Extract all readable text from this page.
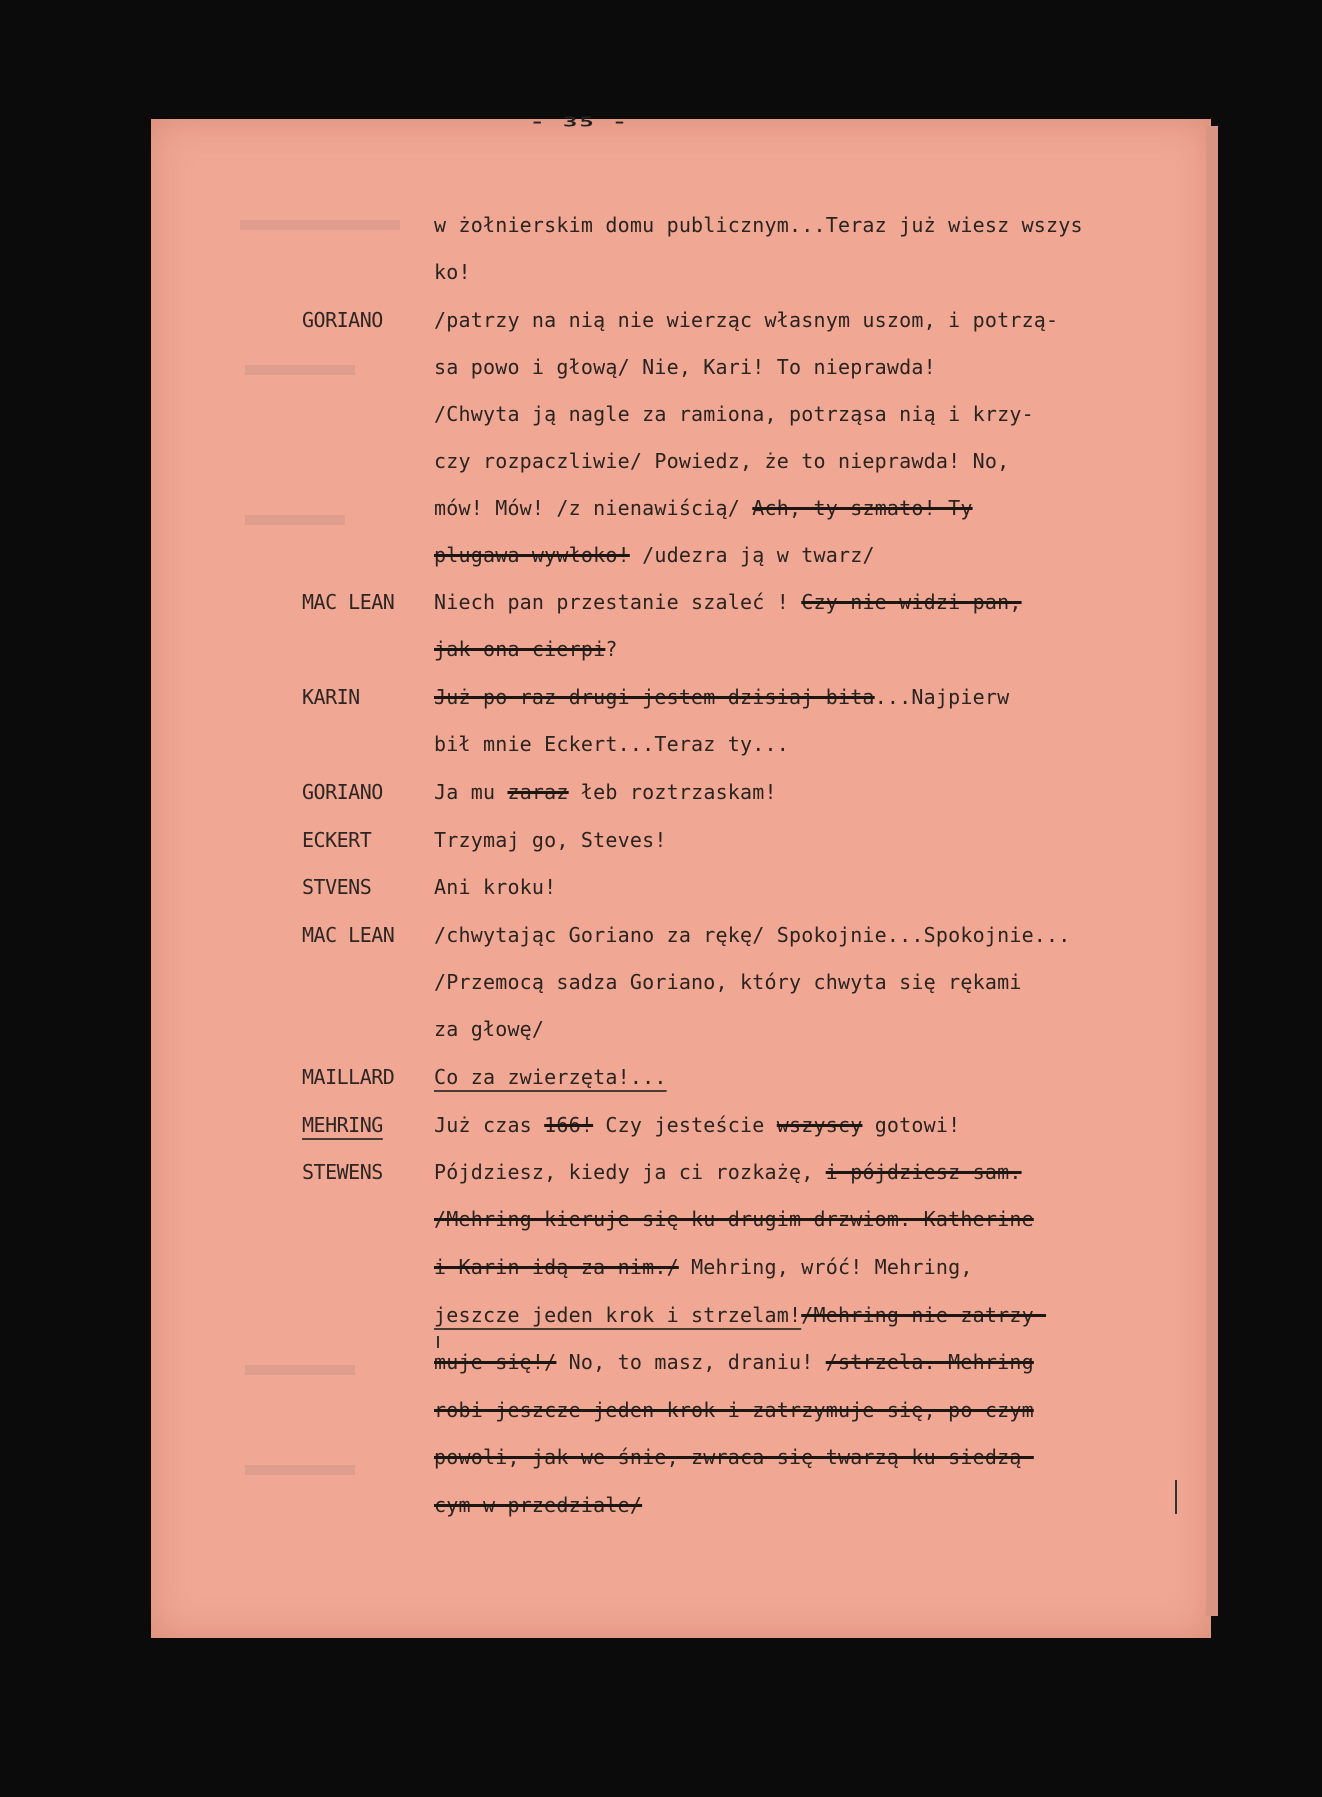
- 35 -
w żołnierskim domu publicznym...Teraz już wiesz wszys
ko!
GORIANO	/patrzy na nią nie wierząc własnym uszom, i potrzą-
sa powo i głową/ Nie, Kari! To nieprawda!
/Chwyta ją nagle za ramiona, potrząsa nią i krzy-
czy rozpaczliwie/ Powiedz, że to nieprawda! No,
mów! Mów! /z nienawiścią/ Ach, ty szmato! Ty
plugawa wywłoko! /udezra ją w twarz/
MAC LEAN	Niech pan przestanie szaleć ! Czy nie widzi pan,
jak ona cierpi?
KARIN	Już po raz drugi jestem dzisiaj bita...Najpierw
bił mnie Eckert...Teraz ty...
GORIANO	Ja mu zaraz łeb roztrzaskam!
ECKERT	Trzymaj go, Steves!
STVENS	Ani kroku!
MAC LEAN	/chwytając Goriano za rękę/ Spokojnie...Spokojnie...
/Przemocą sadza Goriano, który chwyta się rękami
za głowę/
MAILLARD	Co za zwierzęta!...
MEHRING	Już czas 166! Czy jesteście wszyscy gotowi!
STEWENS	Pójdziesz, kiedy ja ci rozkażę, i pójdziesz sam.
/Mehring kieruje się ku drugim drzwiom. Katherine
i Karin idą za nim./ Mehring, wróć! Mehring,
jeszcze jeden krok i strzelam!/Mehring nie zatrzy-
muje się!/ No, to masz, draniu! /strzela. Mehring
robi jeszcze jeden krok i zatrzymuje się, po czym
powoli, jak we śnie, zwraca się twarzą ku siedzą-
cym w przedziale/
